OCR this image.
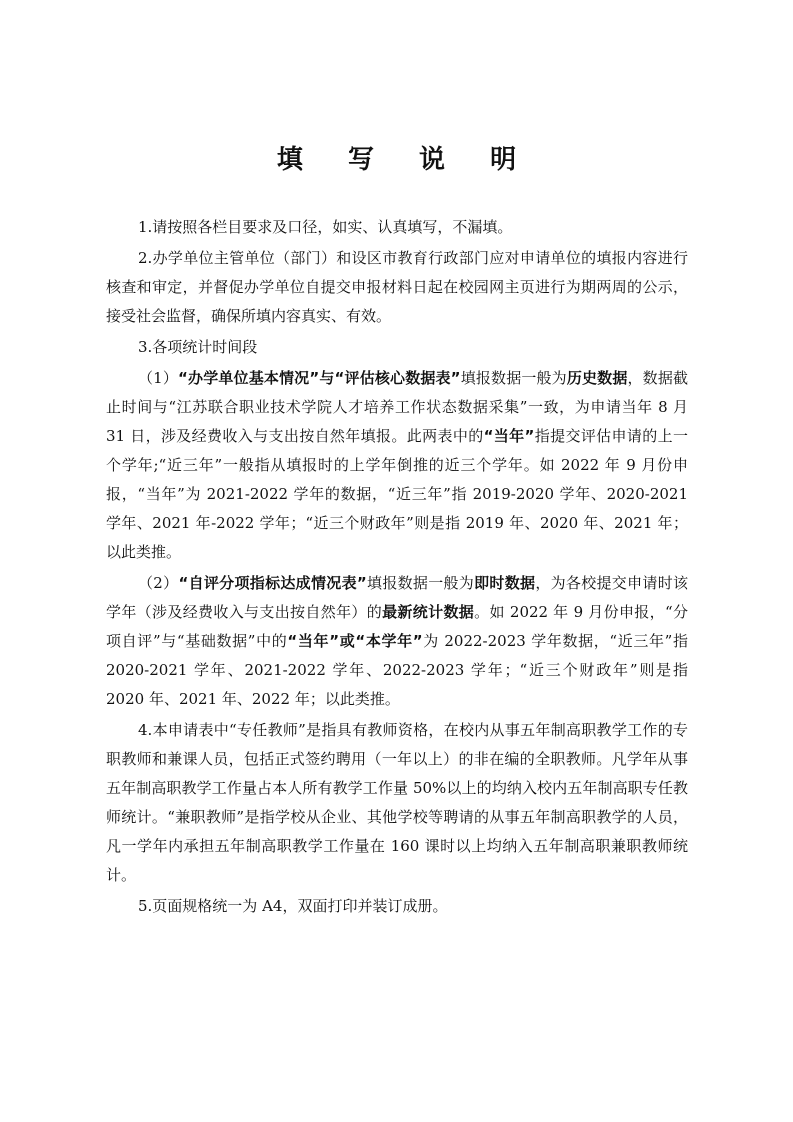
填 写 说 明

1.请按照各栏目要求及口径，如实、认真填写，不漏填。

2.办学单位主管单位（部门）和设区市教育行政部门应对申请单位的填报内容进行核查和审定，并督促办学单位自提交申报材料日起在校园网主页进行为期两周的公示，接受社会监督，确保所填内容真实、有效。

3.各项统计时间段

（1）“办学单位基本情况”与“评估核心数据表”填报数据一般为历史数据，数据截止时间与“江苏联合职业技术学院人才培养工作状态数据采集”一致，为申请当年 8 月 31 日，涉及经费收入与支出按自然年填报。此两表中的“当年”指提交评估申请的上一个学年;“近三年”一般指从填报时的上学年倒推的近三个学年。如 2022 年 9 月份申报，“当年”为 2021-2022 学年的数据，“近三年”指 2019-2020 学年、2020-2021 学年、2021 年-2022 学年；“近三个财政年”则是指 2019 年、2020 年、2021 年；以此类推。

（2）“自评分项指标达成情况表”填报数据一般为即时数据，为各校提交申请时该学年（涉及经费收入与支出按自然年）的最新统计数据。如 2022 年 9 月份申报，“分项自评”与“基础数据”中的“当年”或“本学年”为 2022-2023 学年数据，“近三年”指 2020-2021 学年、2021-2022 学年、2022-2023 学年；“近三个财政年”则是指 2020 年、2021 年、2022 年；以此类推。

4.本申请表中“专任教师”是指具有教师资格，在校内从事五年制高职教学工作的专职教师和兼课人员，包括正式签约聘用（一年以上）的非在编的全职教师。凡学年从事五年制高职教学工作量占本人所有教学工作量 50%以上的均纳入校内五年制高职专任教师统计。“兼职教师”是指学校从企业、其他学校等聘请的从事五年制高职教学的人员，凡一学年内承担五年制高职教学工作量在 160 课时以上均纳入五年制高职兼职教师统计。

5.页面规格统一为 A4，双面打印并装订成册。
